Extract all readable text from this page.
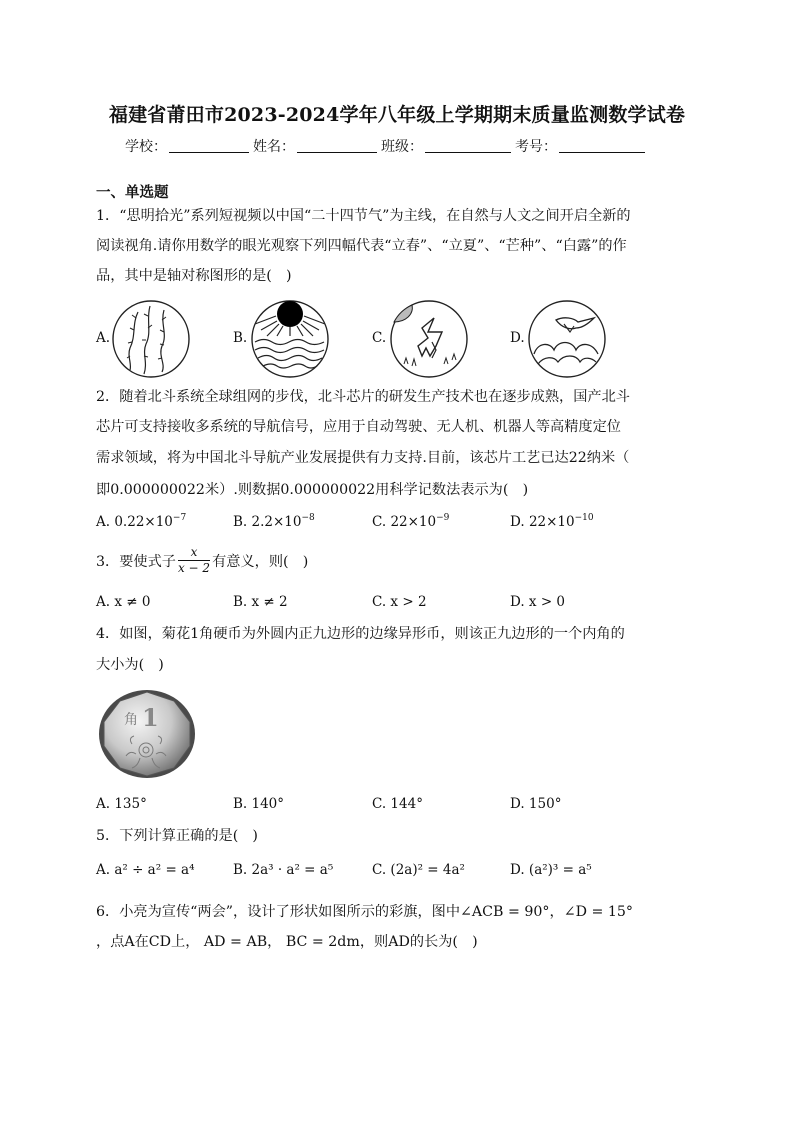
福建省莆田市2023-2024学年八年级上学期期末质量监测数学试卷
学校：	姓名：	班级：	考号：
一、单选题
1．“思明拾光”系列短视频以中国“二十四节气”为主线，在自然与人文之间开启全新的
阅读视角.请你用数学的眼光观察下列四幅代表“立春”、“立夏”、“芒种”、“白露”的作
品，其中是轴对称图形的是(　)
A.	B.	C.	D.
2．随着北斗系统全球组网的步伐，北斗芯片的研发生产技术也在逐步成熟，国产北斗
芯片可支持接收多系统的导航信号，应用于自动驾驶、无人机、机器人等高精度定位
需求领域，将为中国北斗导航产业发展提供有力支持.目前，该芯片工艺已达22纳米（
即0.000000022米）.则数据0.000000022用科学记数法表示为(　)
A. $0.22\times 10^{-7}$	B. $2.2\times 10^{-8}$	C. $22\times 10^{-9}$	D. $22\times 10^{-10}$
3．要使式子 $\frac{x}{x - 2}$ 有意义，则(　)
A. x ≠ 0	B. x ≠ 2	C. x > 2	D. x > 0
4．如图，菊花1角硬币为外圆内正九边形的边缘异形币，则该正九边形的一个内角的
大小为(　)
角 1
A. 135°	B. 140°	C. 144°	D. 150°
5．下列计算正确的是(　)
A. a² ÷ a² = a⁴	B. 2a³ · a² = a⁵	C. (2a)² = 4a²	D. (a²)³ = a⁵
6．小亮为宣传“两会”，设计了形状如图所示的彩旗，图中∠ACB = 90°，∠D = 15°
，点A在CD上， AD = AB， BC = 2dm，则AD的长为(　)
